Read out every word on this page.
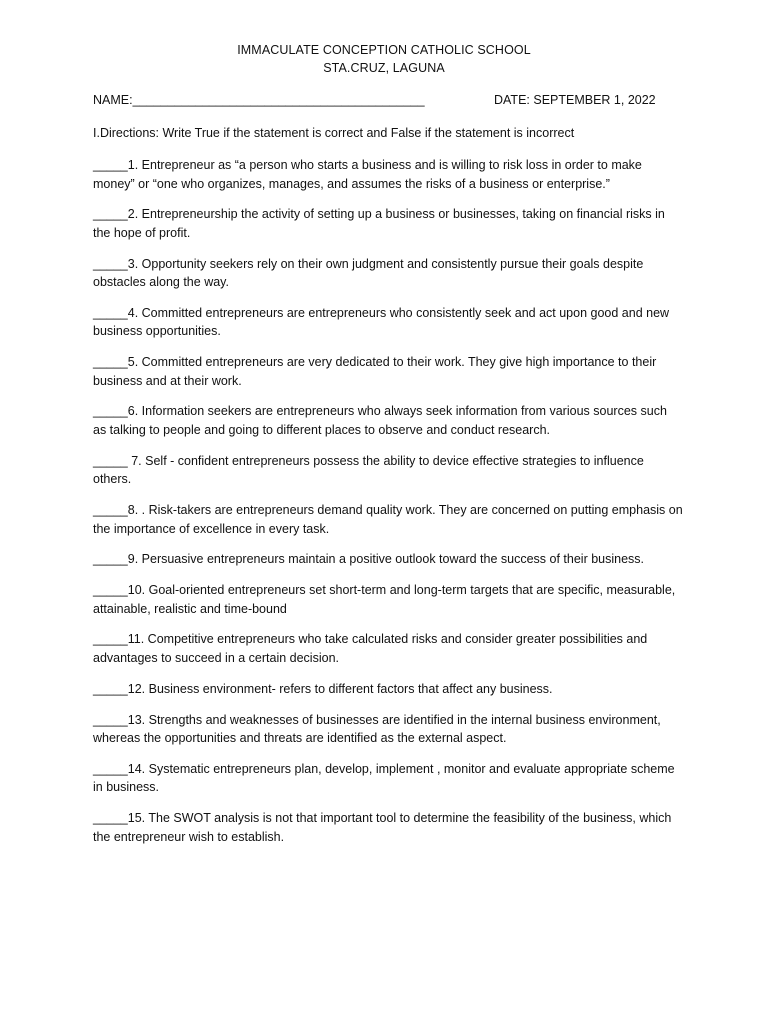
IMMACULATE CONCEPTION CATHOLIC SCHOOL
STA.CRUZ, LAGUNA
NAME:__________________________________________	DATE: SEPTEMBER 1, 2022
I.Directions: Write True if the statement is correct and False if the statement is incorrect
_____1. Entrepreneur as “a person who starts a business and is willing to risk loss in order to make money” or “one who organizes, manages, and assumes the risks of a business or enterprise.”
_____2. Entrepreneurship the activity of setting up a business or businesses, taking on financial risks in the hope of profit.
_____3. Opportunity seekers rely on their own judgment and consistently pursue their goals despite obstacles along the way.
_____4. Committed entrepreneurs are entrepreneurs who consistently seek and act upon good and new business opportunities.
_____5. Committed entrepreneurs are very dedicated to their work. They give high importance to their business and at their work.
_____6. Information seekers are entrepreneurs who always seek information from various sources such as talking to people and going to different places to observe and conduct research.
_____ 7. Self - confident entrepreneurs possess the ability to device effective strategies to influence others.
_____8. . Risk-takers are entrepreneurs demand quality work. They are concerned on putting emphasis on the importance of excellence in every task.
_____9. Persuasive entrepreneurs maintain a positive outlook toward the success of their business.
_____10. Goal-oriented entrepreneurs set short-term and long-term targets that are specific, measurable, attainable, realistic and time-bound
_____11. Competitive entrepreneurs who take calculated risks and consider greater possibilities and advantages to succeed in a certain decision.
_____12. Business environment- refers to different factors that affect any business.
_____13. Strengths and weaknesses of businesses are identified in the internal business environment, whereas the opportunities and threats are identified as the external aspect.
_____14. Systematic entrepreneurs plan, develop, implement , monitor and evaluate appropriate scheme in business.
_____15. The SWOT analysis is not that important tool to determine the feasibility of the business, which the entrepreneur wish to establish.
